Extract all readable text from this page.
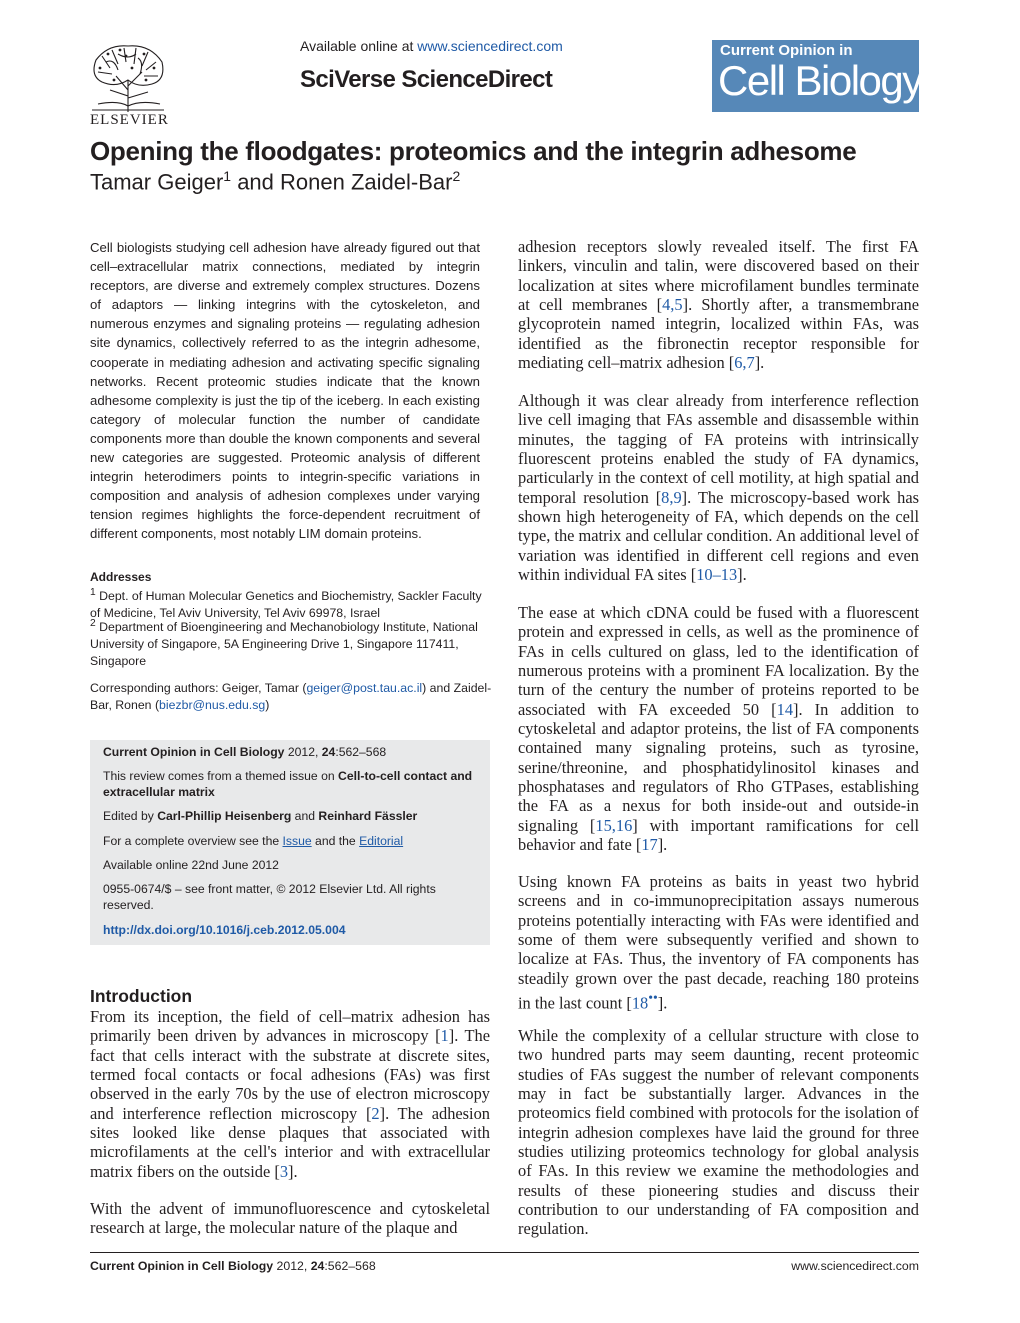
ELSEVIER
Available online at www.sciencedirect.com
SciVerse ScienceDirect
Current Opinion in
Cell Biology
Opening the floodgates: proteomics and the integrin adhesome
Tamar Geiger$^1$ and Ronen Zaidel-Bar$^2$
Cell biologists studying cell adhesion have already figured out that cell–extracellular matrix connections, mediated by integrin receptors, are diverse and extremely complex structures. Dozens of adaptors — linking integrins with the cytoskeleton, and numerous enzymes and signaling proteins — regulating adhesion site dynamics, collectively referred to as the integrin adhesome, cooperate in mediating adhesion and activating specific signaling networks. Recent proteomic studies indicate that the known adhesome complexity is just the tip of the iceberg. In each existing category of molecular function the number of candidate components more than double the known components and several new categories are suggested. Proteomic analysis of different integrin heterodimers points to integrin-specific variations in composition and analysis of adhesion complexes under varying tension regimes highlights the force-dependent recruitment of different components, most notably LIM domain proteins.
Addresses
$^1$ Dept. of Human Molecular Genetics and Biochemistry, Sackler Faculty of Medicine, Tel Aviv University, Tel Aviv 69978, Israel
$^2$ Department of Bioengineering and Mechanobiology Institute, National University of Singapore, 5A Engineering Drive 1, Singapore 117411, Singapore
Corresponding authors: Geiger, Tamar (geiger@post.tau.ac.il) and Zaidel-Bar, Ronen (biezbr@nus.edu.sg)
Current Opinion in Cell Biology 2012, 24:562–568
This review comes from a themed issue on Cell-to-cell contact and extracellular matrix
Edited by Carl-Phillip Heisenberg and Reinhard Fässler
For a complete overview see the Issue and the Editorial
Available online 22nd June 2012
0955-0674/$ – see front matter, © 2012 Elsevier Ltd. All rights reserved.
http://dx.doi.org/10.1016/j.ceb.2012.05.004
Introduction
From its inception, the field of cell–matrix adhesion has primarily been driven by advances in microscopy [1]. The fact that cells interact with the substrate at discrete sites, termed focal contacts or focal adhesions (FAs) was first observed in the early 70s by the use of electron microscopy and interference reflection microscopy [2]. The adhesion sites looked like dense plaques that associated with microfilaments at the cell's interior and with extracellular matrix fibers on the outside [3].
With the advent of immunofluorescence and cytoskeletal research at large, the molecular nature of the plaque and
adhesion receptors slowly revealed itself. The first FA linkers, vinculin and talin, were discovered based on their localization at sites where microfilament bundles terminate at cell membranes [4,5]. Shortly after, a transmembrane glycoprotein named integrin, localized within FAs, was identified as the fibronectin receptor responsible for mediating cell–matrix adhesion [6,7].
Although it was clear already from interference reflection live cell imaging that FAs assemble and disassemble within minutes, the tagging of FA proteins with intrinsically fluorescent proteins enabled the study of FA dynamics, particularly in the context of cell motility, at high spatial and temporal resolution [8,9]. The microscopy-based work has shown high heterogeneity of FA, which depends on the cell type, the matrix and cellular condition. An additional level of variation was identified in different cell regions and even within individual FA sites [10–13].
The ease at which cDNA could be fused with a fluorescent protein and expressed in cells, as well as the prominence of FAs in cells cultured on glass, led to the identification of numerous proteins with a prominent FA localization. By the turn of the century the number of proteins reported to be associated with FA exceeded 50 [14]. In addition to cytoskeletal and adaptor proteins, the list of FA components contained many signaling proteins, such as tyrosine, serine/threonine, and phosphatidylinositol kinases and phosphatases and regulators of Rho GTPases, establishing the FA as a nexus for both inside-out and outside-in signaling [15,16] with important ramifications for cell behavior and fate [17].
Using known FA proteins as baits in yeast two hybrid screens and in co-immunoprecipitation assays numerous proteins potentially interacting with FAs were identified and some of them were subsequently verified and shown to localize at FAs. Thus, the inventory of FA components has steadily grown over the past decade, reaching 180 proteins in the last count [18••].
While the complexity of a cellular structure with close to two hundred parts may seem daunting, recent proteomic studies of FAs suggest the number of relevant components may in fact be substantially larger. Advances in the proteomics field combined with protocols for the isolation of integrin adhesion complexes have laid the ground for three studies utilizing proteomics technology for global analysis of FAs. In this review we examine the methodologies and results of these pioneering studies and discuss their contribution to our understanding of FA composition and regulation.
Current Opinion in Cell Biology 2012, 24:562–568	www.sciencedirect.com
